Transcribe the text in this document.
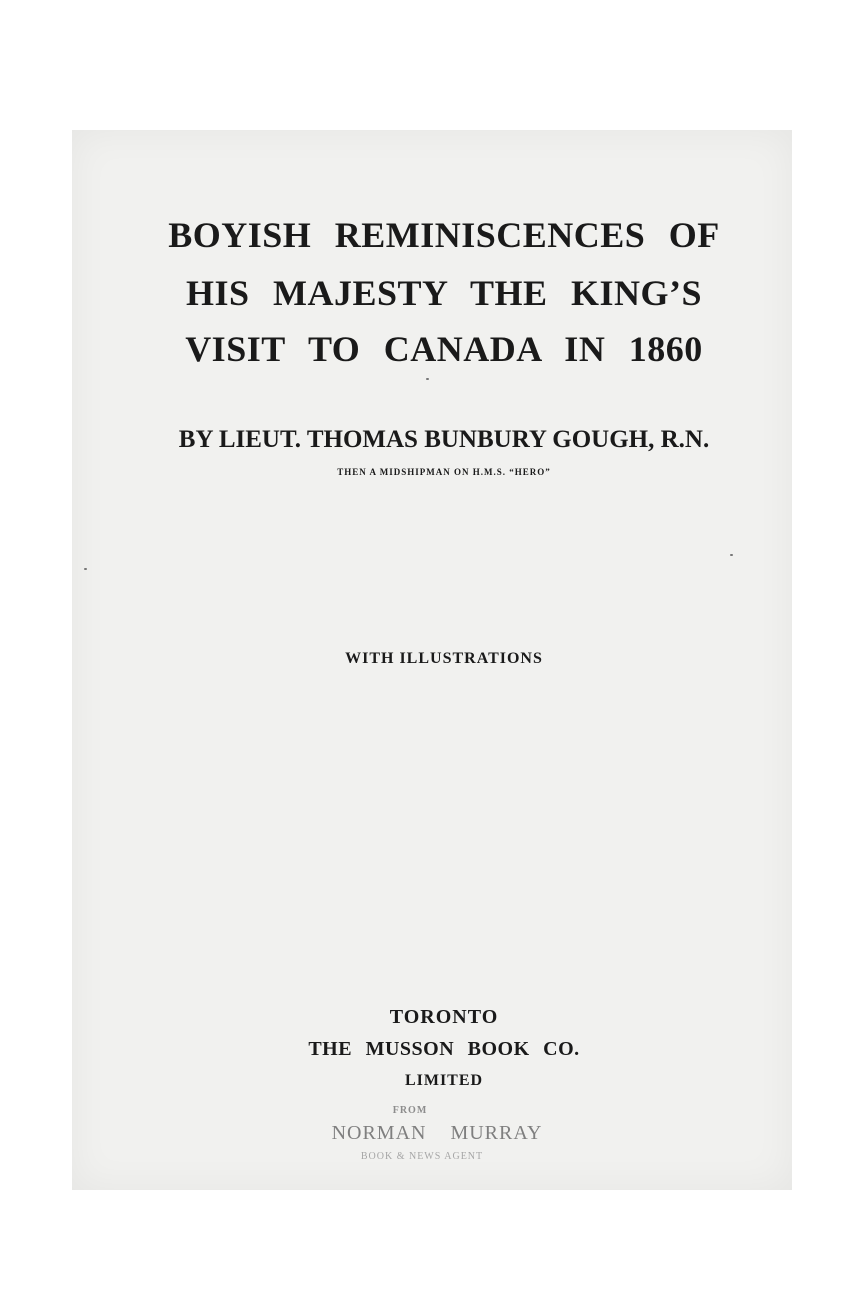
BOYISH REMINISCENCES OF

HIS MAJESTY THE KING’S

VISIT TO CANADA IN 1860

BY LIEUT. THOMAS BUNBURY GOUGH, R.N.

THEN A MIDSHIPMAN ON H.M.S. “HERO”

WITH ILLUSTRATIONS

TORONTO

THE MUSSON BOOK CO.

LIMITED

FROM
NORMAN MURRAY
BOOK & NEWS AGENT
